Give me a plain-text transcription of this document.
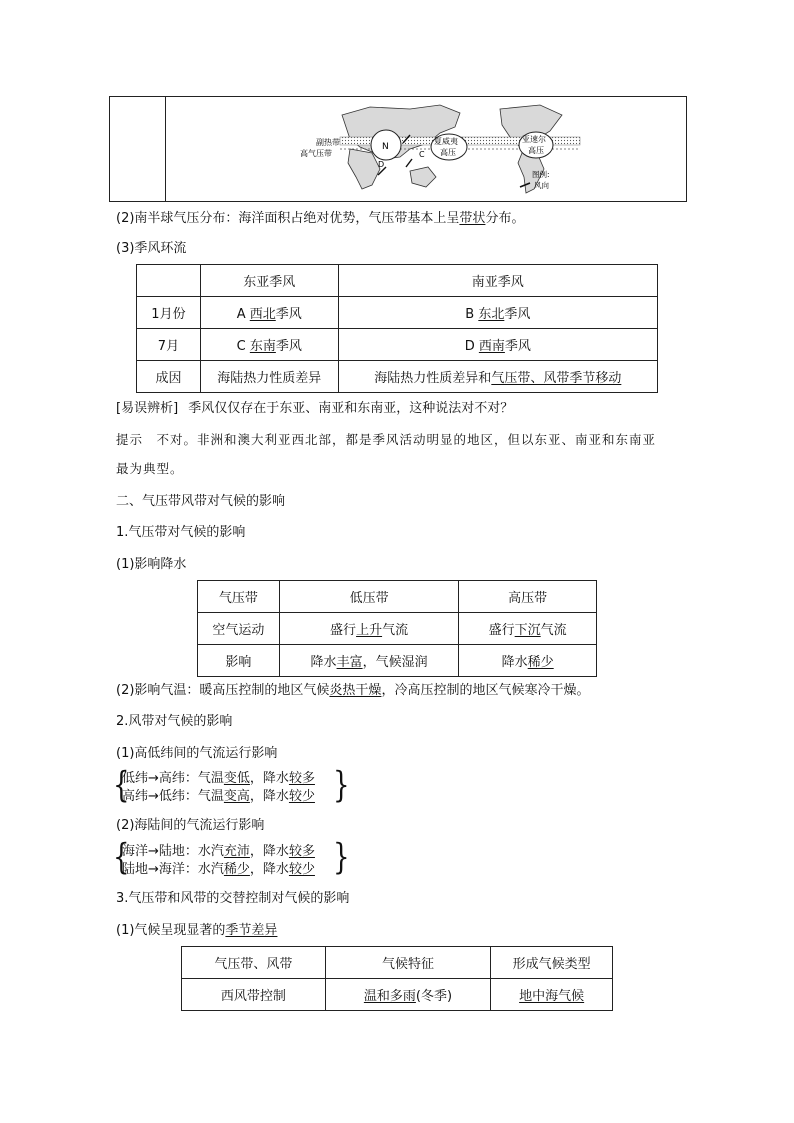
N
夏威夷
高压
亚速尔
高压
副热带
高气压带	C
D
图例:
风向
(2)南半球气压分布：海洋面积占绝对优势，气压带基本上呈带状分布。
(3)季风环流
	东亚季风	南亚季风
1月份	A 西北季风	B 东北季风
7月	C 东南季风	D 西南季风
成因	海陆热力性质差异	海陆热力性质差异和气压带、风带季节移动
[易误辨析] 季风仅仅存在于东亚、南亚和东南亚，这种说法对不对？
提示　不对。非洲和澳大利亚西北部，都是季风活动明显的地区，但以东亚、南亚和东南亚
最为典型。
二、气压带风带对气候的影响
1.气压带对气候的影响
(1)影响降水
气压带	低压带	高压带
空气运动	盛行上升气流	盛行下沉气流
影响	降水丰富，气候湿润	降水稀少
(2)影响气温：暖高压控制的地区气候炎热干燥，冷高压控制的地区气候寒冷干燥。
2.风带对气候的影响
(1)高低纬间的气流运行影响
{
低纬→高纬：气温变低，降水较多
高纬→低纬：气温变高，降水较少 }
(2)海陆间的气流运行影响
{
海洋→陆地：水汽充沛，降水较多
陆地→海洋：水汽稀少，降水较少 }
3.气压带和风带的交替控制对气候的影响
(1)气候呈现显著的季节差异
气压带、风带	气候特征	形成气候类型
西风带控制	温和多雨(冬季)	地中海气候
